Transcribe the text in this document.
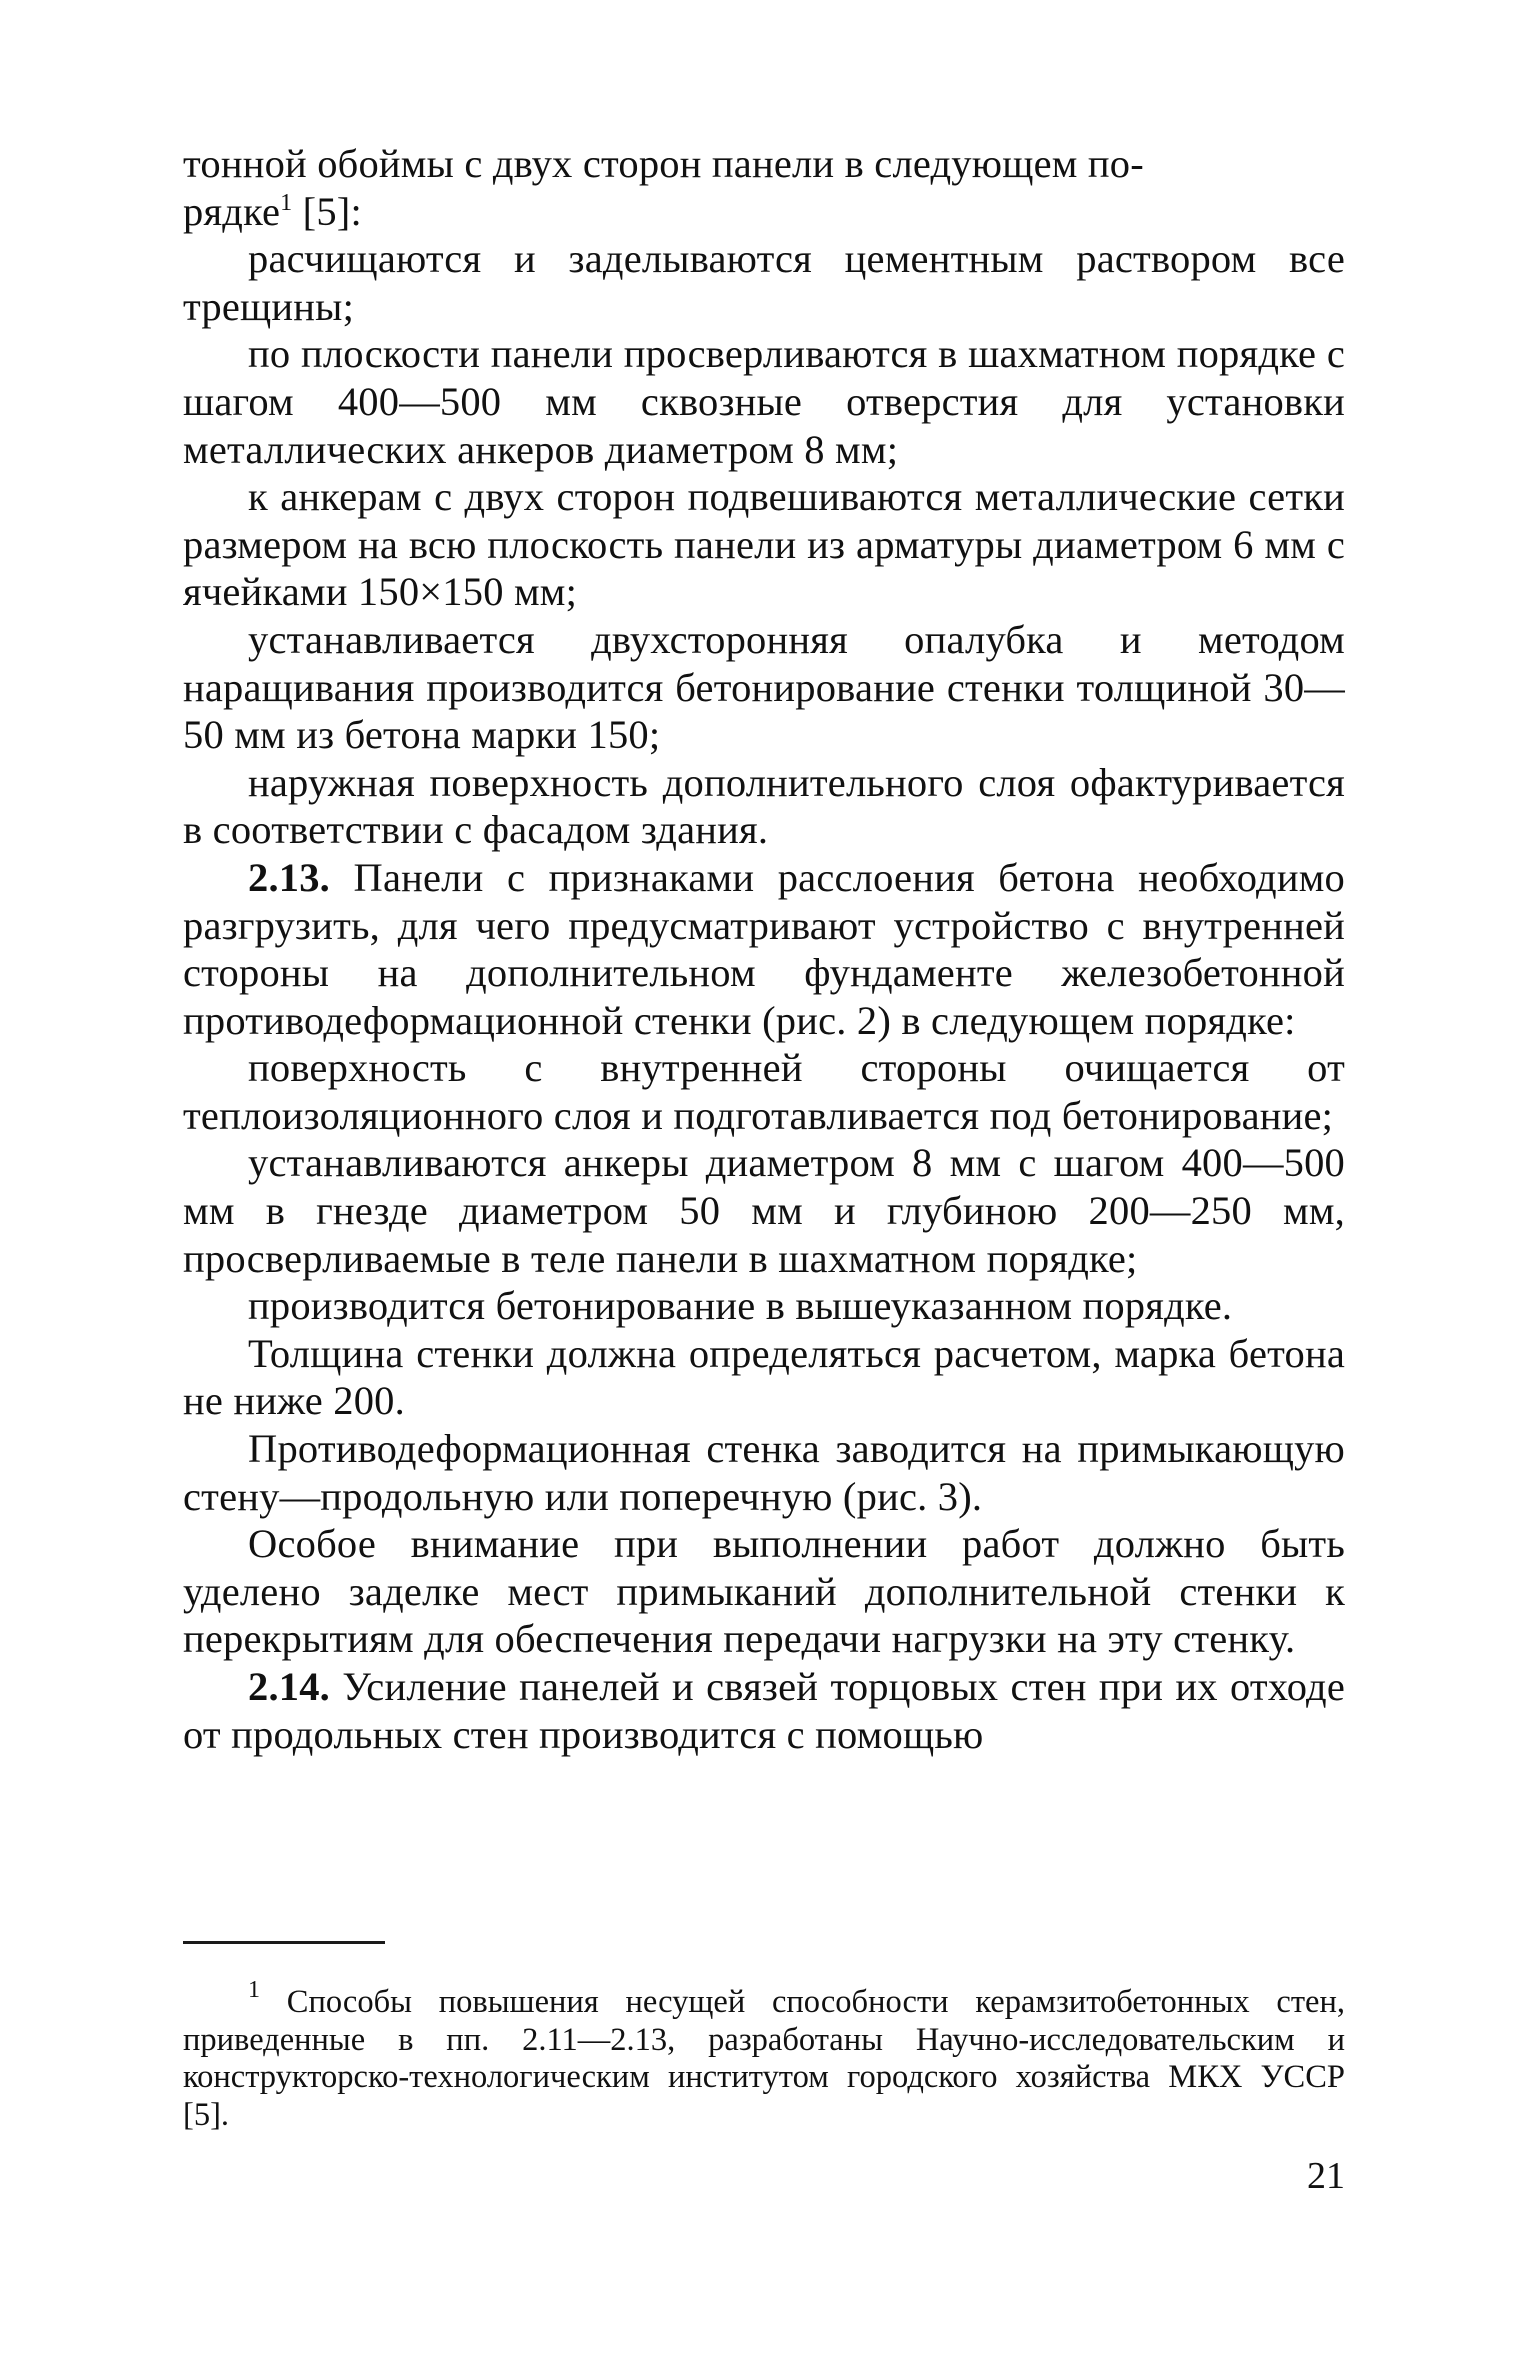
тонной обоймы с двух сторон панели в следующем по-
рядке$^1$ [5]:

расчищаются и заделываются цементным раствором все трещины;

по плоскости панели просверливаются в шахматном порядке с шагом 400—500 мм сквозные отверстия для установки металлических анкеров диаметром 8 мм;

к анкерам с двух сторон подвешиваются металлические сетки размером на всю плоскость панели из арматуры диаметром 6 мм с ячейками 150×150 мм;

устанавливается двухсторонняя опалубка и методом наращивания производится бетонирование стенки толщиной 30—50 мм из бетона марки 150;

наружная поверхность дополнительного слоя офактуривается в соответствии с фасадом здания.

2.13. Панели с признаками расслоения бетона необходимо разгрузить, для чего предусматривают устройство с внутренней стороны на дополнительном фундаменте железобетонной противодеформационной стенки (рис. 2) в следующем порядке:

поверхность с внутренней стороны очищается от теплоизоляционного слоя и подготавливается под бетонирование;

устанавливаются анкеры диаметром 8 мм с шагом 400—500 мм в гнезде диаметром 50 мм и глубиною 200—250 мм, просверливаемые в теле панели в шахматном порядке;

производится бетонирование в вышеуказанном порядке.

Толщина стенки должна определяться расчетом, марка бетона не ниже 200.

Противодеформационная стенка заводится на примыкающую стену—продольную или поперечную (рис. 3).

Особое внимание при выполнении работ должно быть уделено заделке мест примыканий дополнительной стенки к перекрытиям для обеспечения передачи нагрузки на эту стенку.

2.14. Усиление панелей и связей торцовых стен при их отходе от продольных стен производится с помощью

$^1$ Способы повышения несущей способности керамзитобетонных стен, приведенные в пп. 2.11—2.13, разработаны Научно-исследовательским и конструкторско-технологическим институтом городского хозяйства МКХ УССР [5].

21
